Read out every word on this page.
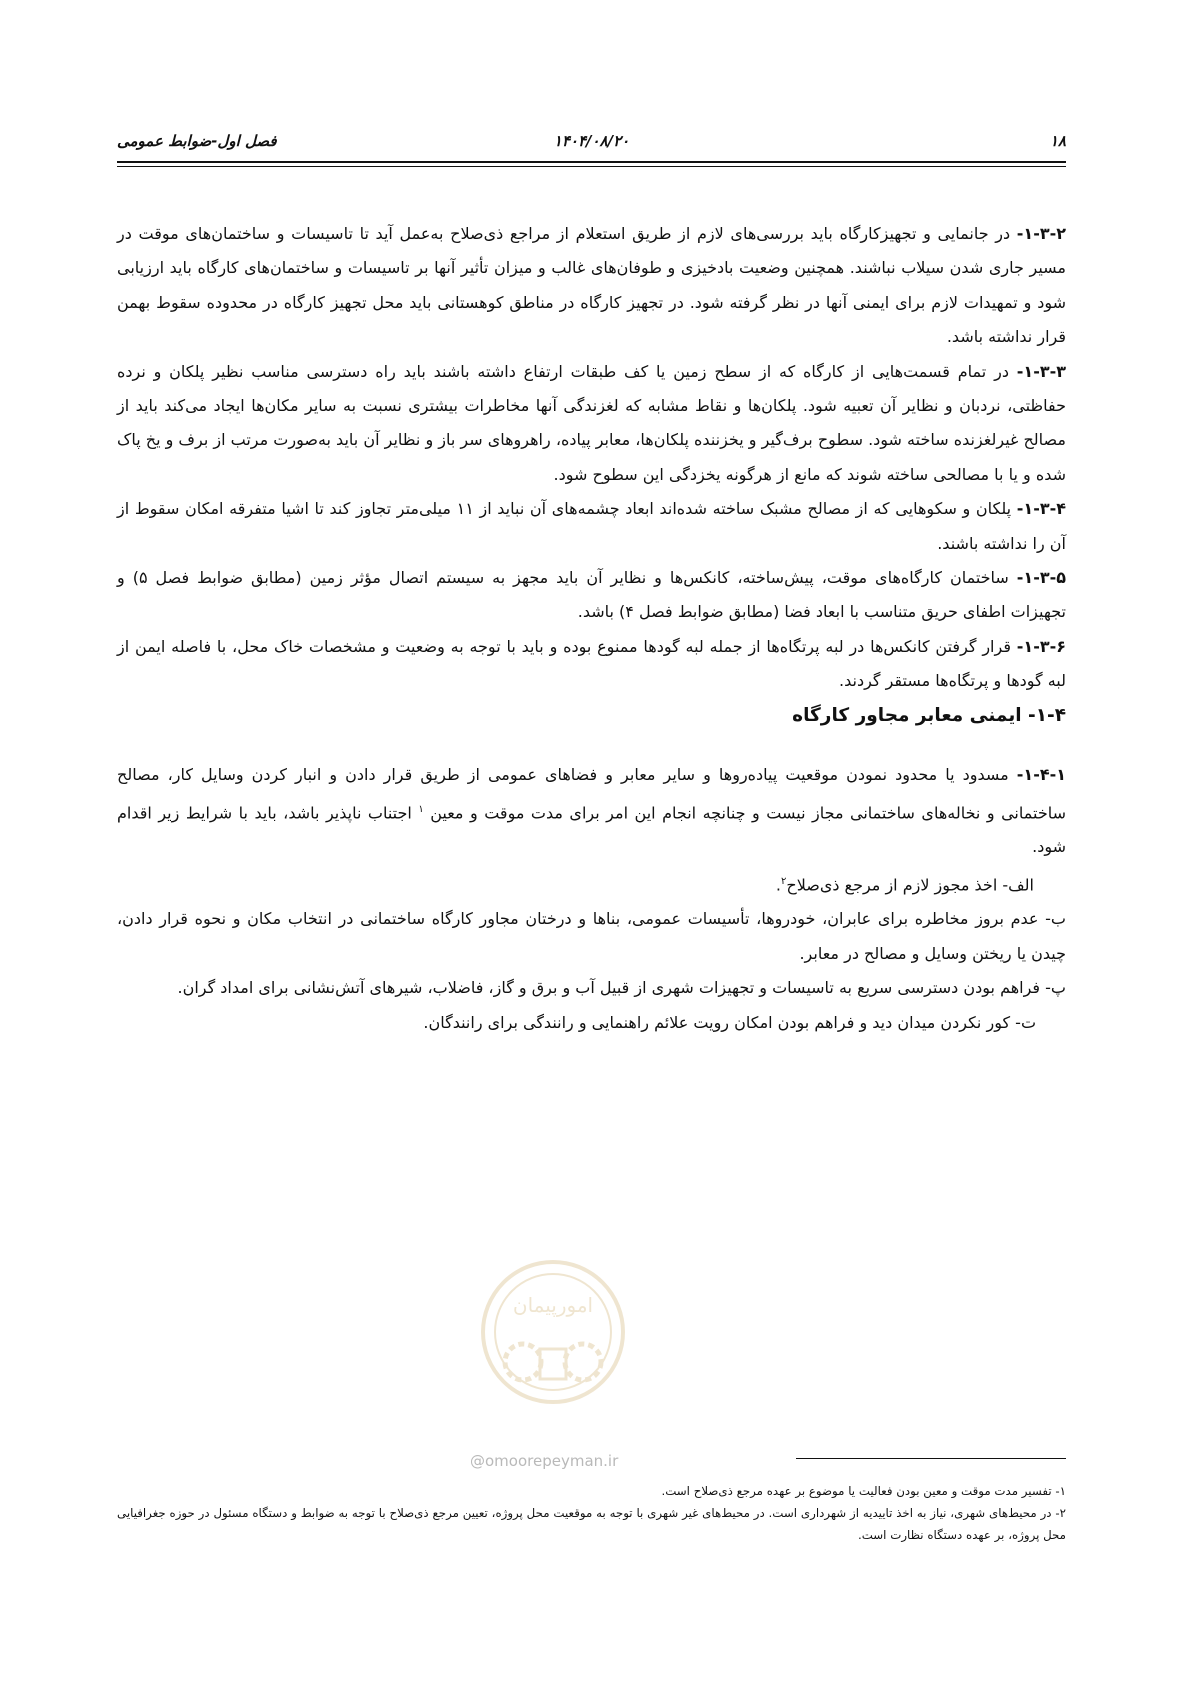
فصل اول-ضوابط عمومی	۱۴۰۴/۰۸/۲۰	۱۸

۱-۳-۲- در جانمایی و تجهیزکارگاه باید بررسی‌های لازم از طریق استعلام از مراجع ذی‌صلاح به‌عمل آید تا تاسیسات و ساختمان‌های موقت در مسیر جاری شدن سیلاب نباشند. همچنین وضعیت بادخیزی و طوفان‌های غالب و میزان تأثیر آنها بر تاسیسات و ساختمان‌های کارگاه باید ارزیابی شود و تمهیدات لازم برای ایمنی آنها در نظر گرفته شود. در تجهیز کارگاه در مناطق کوهستانی باید محل تجهیز کارگاه در محدوده سقوط بهمن قرار نداشته باشد.

۱-۳-۳- در تمام قسمت‌هایی از کارگاه که از سطح زمین یا کف طبقات ارتفاع داشته باشند باید راه دسترسی مناسب نظیر پلکان و نرده حفاظتی، نردبان و نظایر آن تعبیه شود. پلکان‌ها و نقاط مشابه که لغزندگی آنها مخاطرات بیشتری نسبت به سایر مکان‌ها ایجاد می‌کند باید از مصالح غیرلغزنده ساخته شود. سطوح برف‌گیر و یخزننده پلکان‌ها، معابر پیاده، راهروهای سر باز و نظایر آن باید به‌صورت مرتب از برف و یخ پاک شده و یا با مصالحی ساخته شوند که مانع از هرگونه یخزدگی این سطوح شود.

۱-۳-۴- پلکان و سکوهایی که از مصالح مشبک ساخته شده‌اند ابعاد چشمه‌های آن نباید از ۱۱ میلی‌متر تجاوز کند تا اشیا متفرقه امکان سقوط از آن را نداشته باشند.

۱-۳-۵- ساختمان کارگاه‌های موقت، پیش‌ساخته، کانکس‌ها و نظایر آن باید مجهز به سیستم اتصال مؤثر زمین (مطابق ضوابط فصل ۵) و تجهیزات اطفای حریق متناسب با ابعاد فضا (مطابق ضوابط فصل ۴) باشد.

۱-۳-۶- قرار گرفتن کانکس‌ها در لبه پرتگاه‌ها از جمله لبه گودها ممنوع بوده و باید با توجه به وضعیت و مشخصات خاک محل، با فاصله ایمن از لبه گودها و پرتگاه‌ها مستقر گردند.

۱-۴- ایمنی معابر مجاور کارگاه

۱-۴-۱- مسدود یا محدود نمودن موقعیت پیاده‌روها و سایر معابر و فضاهای عمومی از طریق قرار دادن و انبار کردن وسایل کار، مصالح ساختمانی و نخاله‌های ساختمانی مجاز نیست و چنانچه انجام این امر برای مدت موقت و معین $^۱$ اجتناب ناپذیر باشد، باید با شرایط زیر اقدام شود.

الف- اخذ مجوز لازم از مرجع ذی‌صلاح$^۲$.

ب- عدم بروز مخاطره برای عابران، خودروها، تأسیسات عمومی، بناها و درختان مجاور کارگاه ساختمانی در انتخاب مکان و نحوه قرار دادن، چیدن یا ریختن وسایل و مصالح در معابر.

پ- فراهم بودن دسترسی سریع به تاسیسات و تجهیزات شهری از قبیل آب و برق و گاز، فاضلاب، شیرهای آتش‌نشانی برای امداد گران.

ت- کور نکردن میدان دید و فراهم بودن امکان رویت علائم راهنمایی و رانندگی برای رانندگان.

۱- تفسیر مدت موقت و معین بودن فعالیت یا موضوع بر عهده مرجع ذی‌صلاح است.

۲- در محیط‌های شهری، نیاز به اخذ تاییدیه از شهرداری است. در محیط‌های غیر شهری با توجه به موقعیت محل پروژه، تعیین مرجع ذی‌صلاح با توجه به ضوابط و دستگاه مسئول در حوزه جغرافیایی محل پروژه، بر عهده دستگاه نظارت است.

امورپیمان
@omoorepeyman.ir
